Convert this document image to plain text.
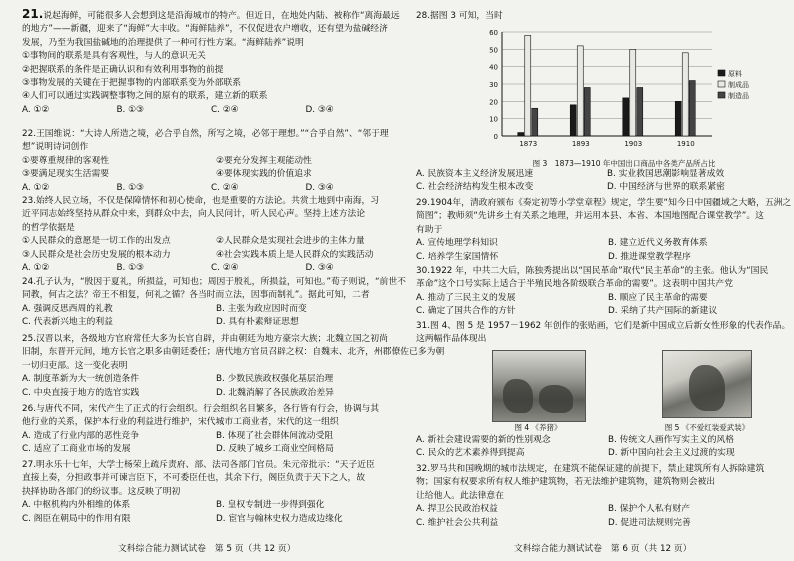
21.说起海鲜，可能很多人会想到这是沿海城市的特产。但近日，在地处内陆、被称作“离海最远
的地方”——新疆，迎来了“海鲜”大丰收。“海鲜陆养”，不仅促进农户增收，还有望为盐碱经济
发展，乃至为我国盐碱地的治理提供了一种可行性方案。“海鲜陆养”说明
①事物间的联系是具有客观性，与人的意识无关
②把握联系的条件是正确认识和有效利用事物的前提
③事物发展的关键在于把握事物的内部联系变为外部联系
④人们可以通过实践调整事物之间的原有的联系，建立新的联系
A. ①②	B. ①③	C. ②④	D. ③④
22.王国维说：“大诗人所造之境，必合乎自然，所写之境，必邻于理想。”“合乎自然”、“邻于理
想”说明诗词创作
①要尊重规律的客观性	②要充分发挥主观能动性
③要满足现实生活需要	④要体现实践的价值追求
A. ①②	B. ①③	C. ②④	D. ③④
23.始终人民立场，不仅是保障情怀和初心使命，也是重要的方法论。共赏土地到中南海，习
近平同志始终坚持从群众中来，到群众中去，向人民问计，听人民心声。坚持上述方法论
的哲学依据是
①人民群众的意愿是一切工作的出发点	②人民群众是实现社会进步的主体力量
③人民群众是社会历史发展的根本动力	④社会实践本质上是人民群众的实践活动
A. ①②	B. ①③	C. ②④	D. ③④
24.孔子认为，“殷因于夏礼，所损益，可知也；周因于殷礼，所损益，可知也。”荀子则说，“前世不
同教，何古之法？帝王不相复，何礼之循？各当时而立法，因事而制礼”。据此可知，二者
A. 强调反思西周的礼教	B. 主张为政应因时而变
C. 代表新兴地主的利益	D. 具有朴素辩证思想
25.汉晋以来，各级地方官府常任大多为长官自辟，并由朝廷为地方豪宗大族；北魏立国之初尚
旧制，东晋开元间，地方长官之职多由朝廷委任；唐代地方官员召辟之权：自魏末、北齐，州郡僚佐已多为朝
一切归吏部。这一变化表明
A. 制度革新为大一统创造条件	B. 少数民族政权强化基层治理
C. 中央直接于地方的选官实践	D. 北魏消解了各民族政治差异
26.与唐代不同，宋代产生了正式的行会组织。行会组织名目繁多，各行皆有行会，协调与其
他行业的关系，保护本行业的利益进行维护，宋代城市工商业者，宋代的这一组织
A. 造成了行业内部的恶性竞争	B. 体现了社会群体间流动受阻
C. 适应了工商业市场的发展	D. 反映了城乡工商业空间格局
27.明永乐十七年，大学士杨荣上疏斥责府、部、法司各部门官员。朱元帝批示：“天子近臣
直接上奏，分担政事并可谏言臣下，不可委臣任也，其余下行，阁臣负责于天下之人，故
抉择协助各部门的纷议事。这反映了明初
A. 中枢机构内外相维的体系	B. 皇权专制进一步得到强化
C. 阁臣在朝局中的作用有限	D. 宦官与翰林史权力造成边缘化
文科综合能力测试试卷　第 5 页（共 12 页）
28.据图 3 可知，当时
0
10
20
30
40
50
60
1873	1893	1903	1910
原料
制成品
制造品
图 3　1873—1910 年中国出口商品中各类产品所占比
A. 民族资本主义经济发展迅速	B. 实业救国思潮影响显著成效
C. 社会经济结构发生根本改变	D. 中国经济与世界的联系紧密
29.1904年，清政府颁布《奏定初等小学堂章程》规定，学生要“知今日中国疆域之大略，五洲之
简图”；教师须“先讲乡土有关系之地理，并运用本县、本省、本国地图配合课堂教学”。这
有助于
A. 宣传地理学科知识	B. 建立近代义务教育体系
C. 培养学生家国情怀	D. 推进课堂教学程序
30.1922 年，中共二大后，陈独秀提出以“国民革命”取代“民主革命”的主张。他认为“国民
革命”这个口号实际上适合于半殖民地各阶级联合革命的需要”。这表明中国共产党
A. 推动了三民主义的发展	B. 顺应了民主革命的需要
C. 确定了国共合作的方针	D. 采纳了共产国际的新建议
31.图 4、图 5 是 1957－1962 年创作的张贴画，它们是新中国成立后新女性形象的代表作品。
这两幅作品体现出
图 4 《养猪》	图 5 《不爱红装爱武装》
A. 新社会建设需要的新的性别观念	B. 传统文人画作写实主义的风格
C. 民众的艺术素养得到提高	D. 新中国向社会主义过渡的实现
32.罗马共和国晚期的城市法规定，在建筑不能保证建的前提下，禁止建筑所有人拆除建筑
物；国家有权要求所有权人维护建筑物，若无法维护建筑物，建筑物则会被出
让给他人。此法律意在
A. 捍卫公民政治权益	B. 保护个人私有财产
C. 维护社会公共利益	D. 促进司法规则完善
文科综合能力测试试卷　第 6 页（共 12 页）
